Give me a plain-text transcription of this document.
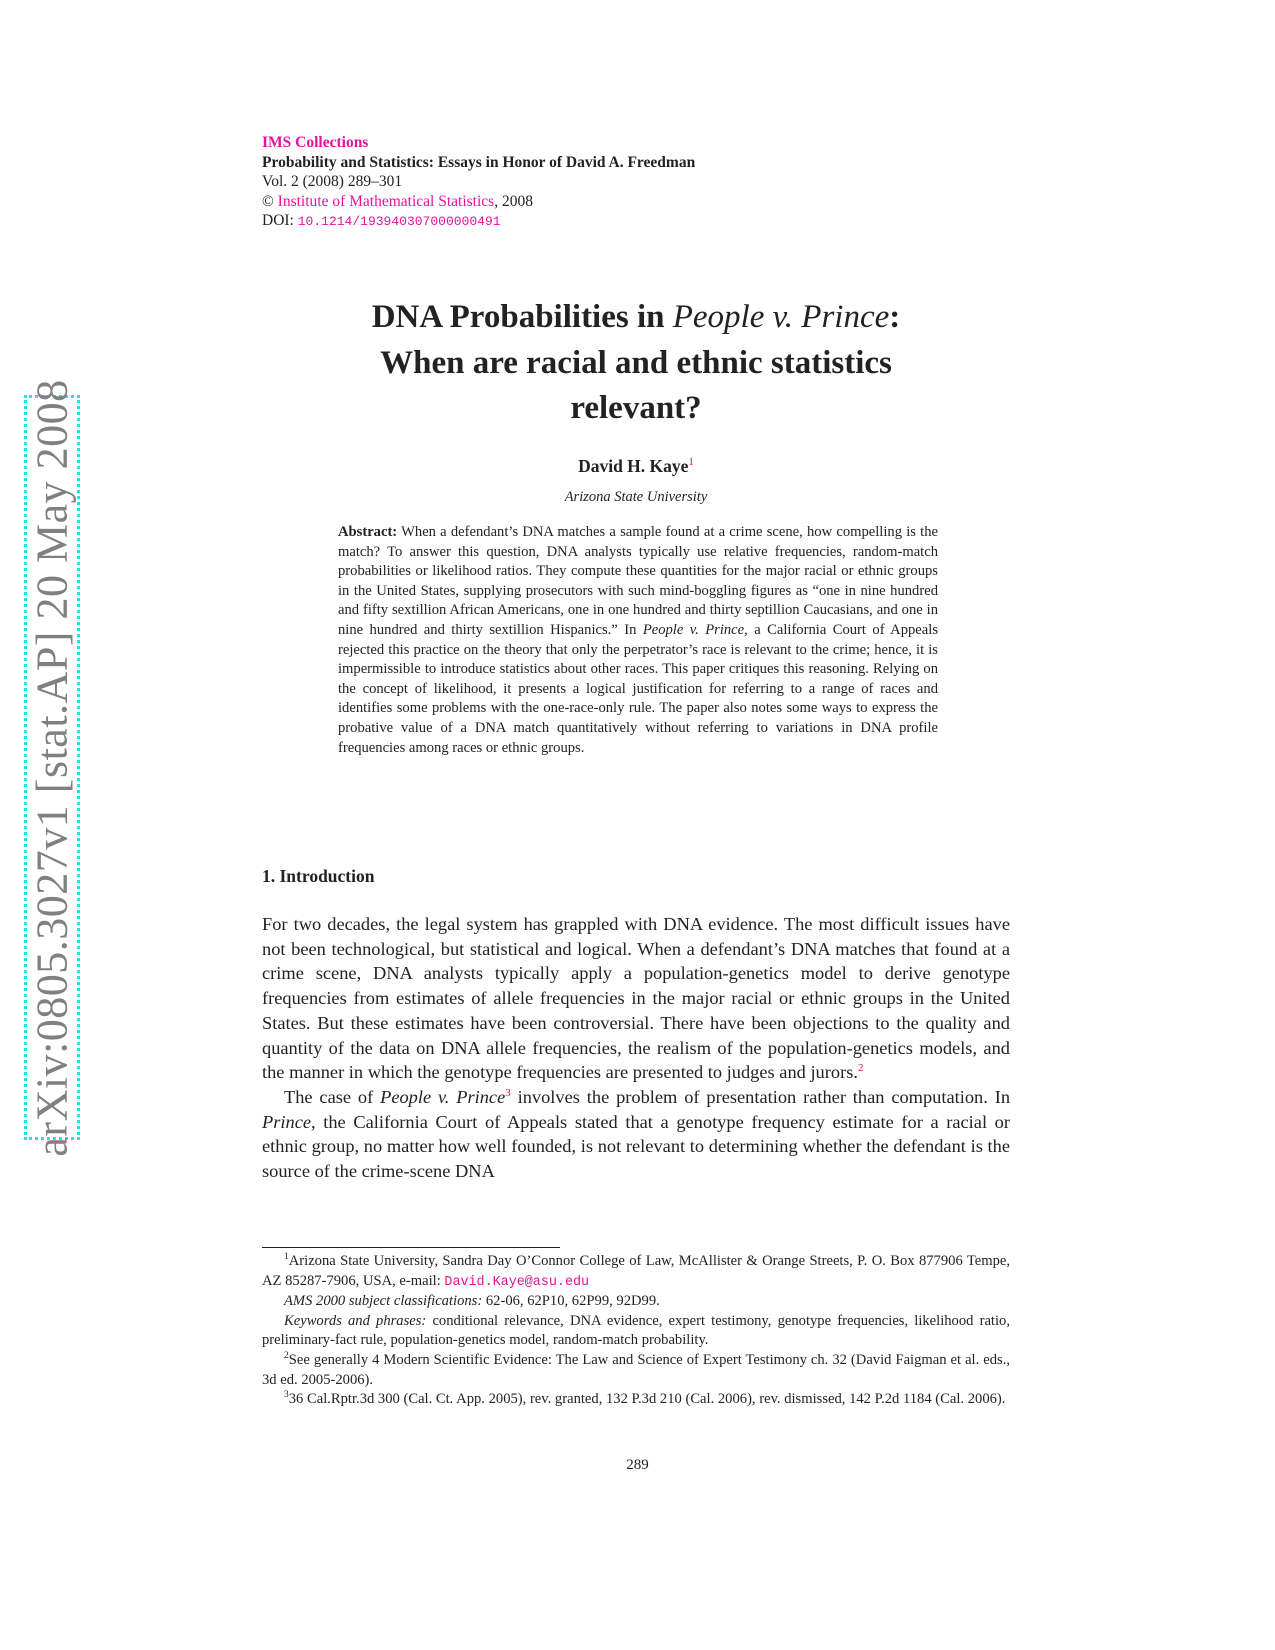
arXiv:0805.3027v1 [stat.AP] 20 May 2008
IMS Collections
Probability and Statistics: Essays in Honor of David A. Freedman
Vol. 2 (2008) 289–301
© Institute of Mathematical Statistics, 2008
DOI: 10.1214/193940307000000491
DNA Probabilities in People v. Prince:
When are racial and ethnic statistics
relevant?
David H. Kaye$^1$
Arizona State University
Abstract: When a defendant’s DNA matches a sample found at a crime scene, how compelling is the match? To answer this question, DNA analysts typically use relative frequencies, random-match probabilities or likelihood ratios. They compute these quantities for the major racial or ethnic groups in the United States, supplying prosecutors with such mind-boggling figures as “one in nine hundred and fifty sextillion African Americans, one in one hundred and thirty septillion Caucasians, and one in nine hundred and thirty sextillion Hispanics.” In People v. Prince, a California Court of Appeals rejected this practice on the theory that only the perpetrator’s race is relevant to the crime; hence, it is impermissible to introduce statistics about other races. This paper critiques this reasoning. Relying on the concept of likelihood, it presents a logical justification for referring to a range of races and identifies some problems with the one-race-only rule. The paper also notes some ways to express the probative value of a DNA match quantitatively without referring to variations in DNA profile frequencies among races or ethnic groups.
1. Introduction

For two decades, the legal system has grappled with DNA evidence. The most difficult issues have not been technological, but statistical and logical. When a defendant’s DNA matches that found at a crime scene, DNA analysts typically apply a population-genetics model to derive genotype frequencies from estimates of allele frequencies in the major racial or ethnic groups in the United States. But these estimates have been controversial. There have been objections to the quality and quantity of the data on DNA allele frequencies, the realism of the population-genetics models, and the manner in which the genotype frequencies are presented to judges and jurors.$^2$

The case of People v. Prince$^3$ involves the problem of presentation rather than computation. In Prince, the California Court of Appeals stated that a genotype frequency estimate for a racial or ethnic group, no matter how well founded, is not relevant to determining whether the defendant is the source of the crime-scene DNA

$^1$Arizona State University, Sandra Day O’Connor College of Law, McAllister & Orange Streets, P. O. Box 877906 Tempe, AZ 85287-7906, USA, e-mail: David.Kaye@asu.edu

AMS 2000 subject classifications: 62-06, 62P10, 62P99, 92D99.

Keywords and phrases: conditional relevance, DNA evidence, expert testimony, genotype frequencies, likelihood ratio, preliminary-fact rule, population-genetics model, random-match probability.

$^2$See generally 4 Modern Scientific Evidence: The Law and Science of Expert Testimony ch. 32 (David Faigman et al. eds., 3d ed. 2005-2006).

$^3$36 Cal.Rptr.3d 300 (Cal. Ct. App. 2005), rev. granted, 132 P.3d 210 (Cal. 2006), rev. dismissed, 142 P.2d 1184 (Cal. 2006).

289
